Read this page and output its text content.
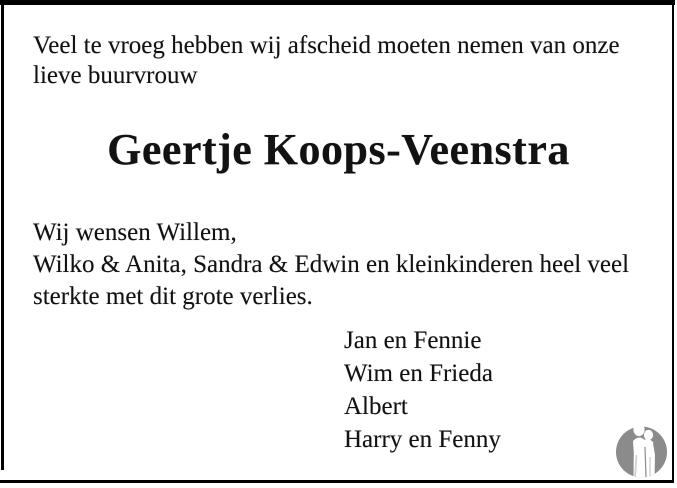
Veel te vroeg hebben wij afscheid moeten nemen van onze
lieve buurvrouw

Geertje Koops-Veenstra

Wij wensen Willem,
Wilko & Anita, Sandra & Edwin en kleinkinderen heel veel
sterkte met dit grote verlies.

Jan en Fennie
Wim en Frieda
Albert
Harry en Fenny
